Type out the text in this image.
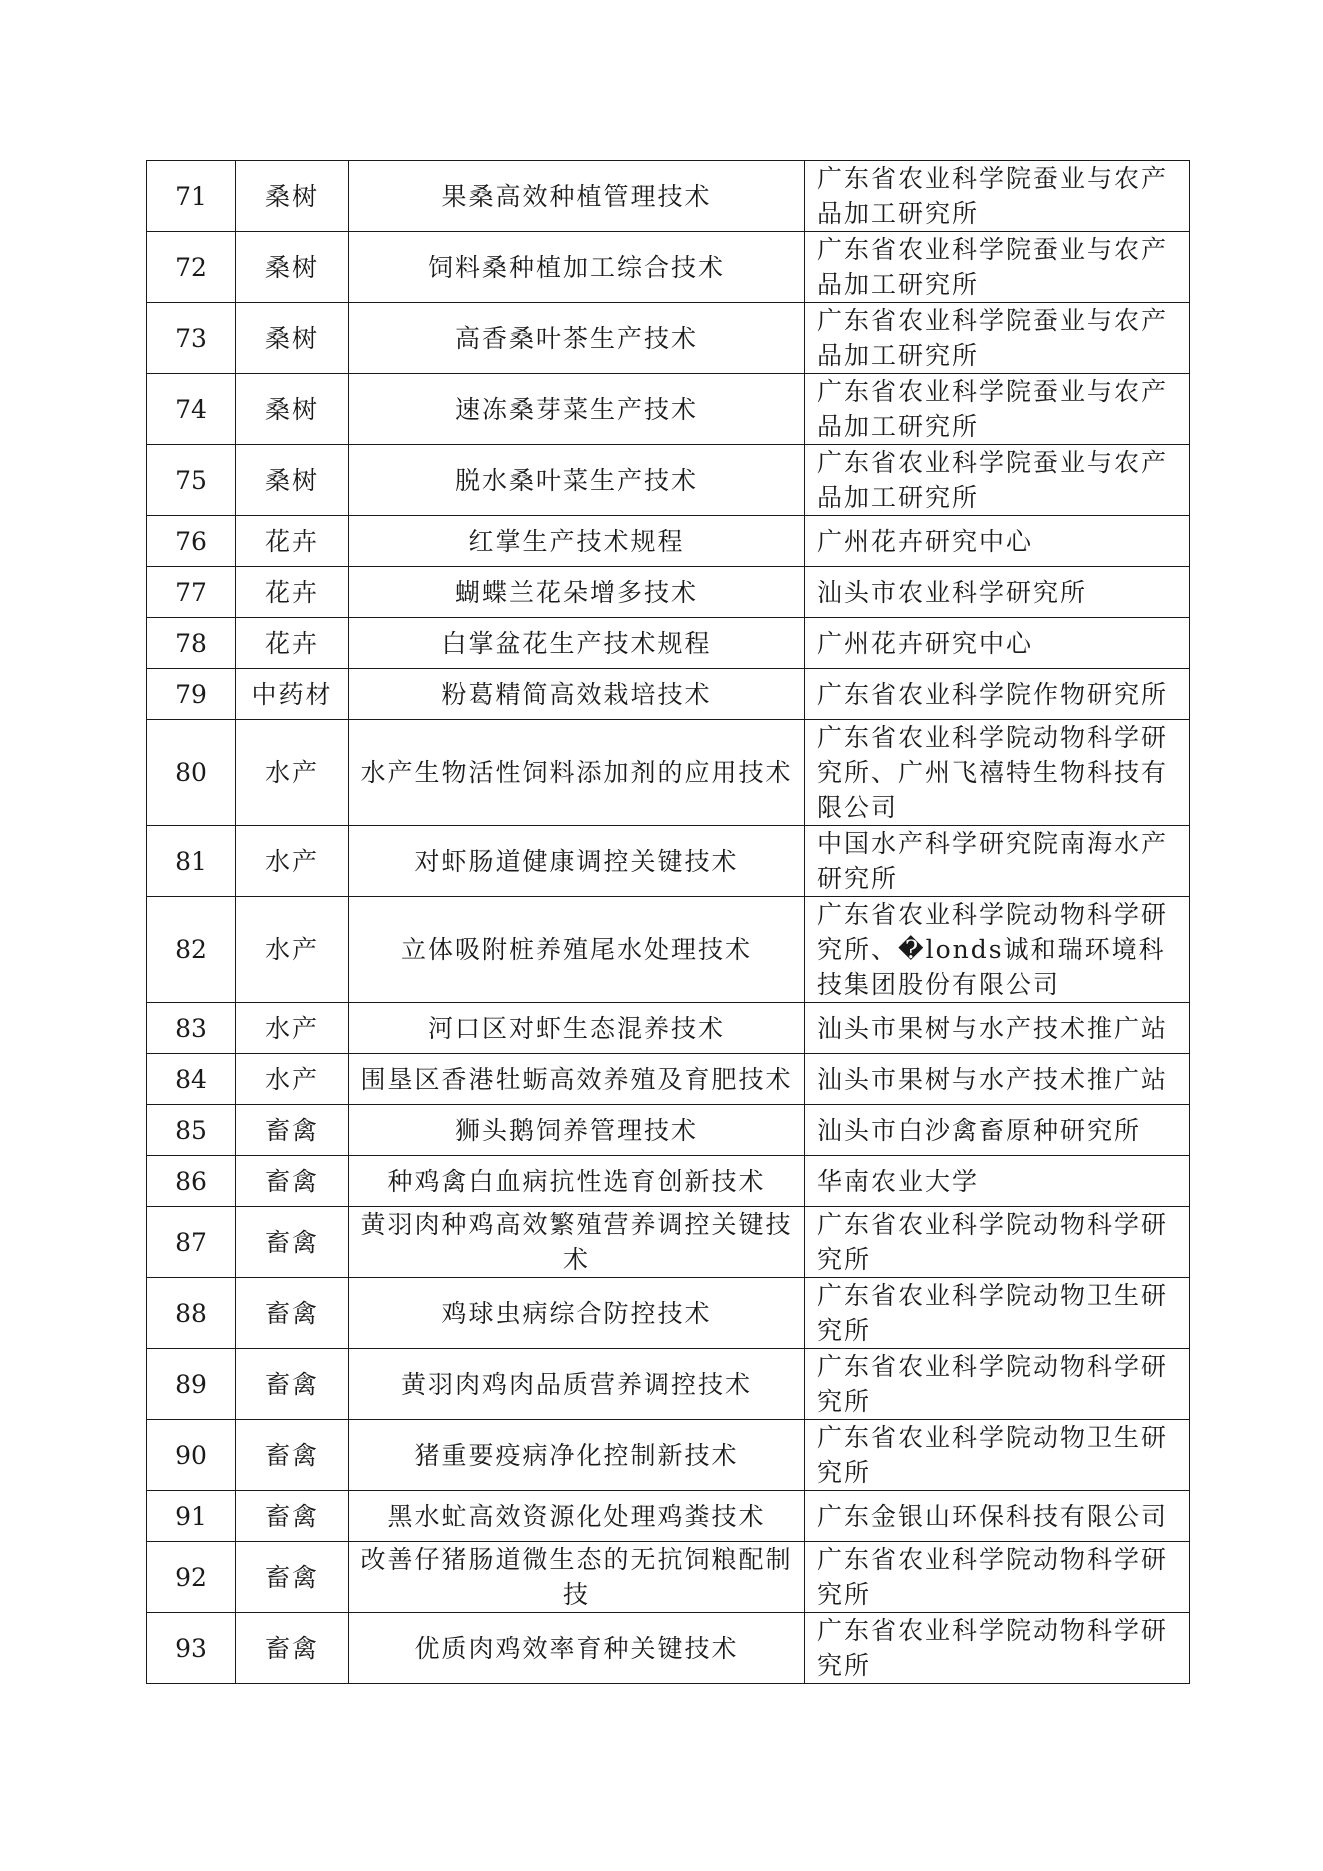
71	桑树	果桑高效种植管理技术	广东省农业科学院蚕业与农产品加工研究所
72	桑树	饲料桑种植加工综合技术	广东省农业科学院蚕业与农产品加工研究所
73	桑树	高香桑叶茶生产技术	广东省农业科学院蚕业与农产品加工研究所
74	桑树	速冻桑芽菜生产技术	广东省农业科学院蚕业与农产品加工研究所
75	桑树	脱水桑叶菜生产技术	广东省农业科学院蚕业与农产品加工研究所
76	花卉	红掌生产技术规程	广州花卉研究中心
77	花卉	蝴蝶兰花朵增多技术	汕头市农业科学研究所
78	花卉	白掌盆花生产技术规程	广州花卉研究中心
79	中药材	粉葛精简高效栽培技术	广东省农业科学院作物研究所
80	水产	水产生物活性饲料添加剂的应用技术	广东省农业科学院动物科学研究所、广州飞禧特生物科技有限公司
81	水产	对虾肠道健康调控关键技术	中国水产科学研究院南海水产研究所
82	水产	立体吸附桩养殖尾水处理技术	广东省农业科学院动物科学研究所、�londs诚和瑞环境科技集团股份有限公司
83	水产	河口区对虾生态混养技术	汕头市果树与水产技术推广站
84	水产	围垦区香港牡蛎高效养殖及育肥技术	汕头市果树与水产技术推广站
85	畜禽	狮头鹅饲养管理技术	汕头市白沙禽畜原种研究所
86	畜禽	种鸡禽白血病抗性选育创新技术	华南农业大学
87	畜禽	黄羽肉种鸡高效繁殖营养调控关键技术	广东省农业科学院动物科学研究所
88	畜禽	鸡球虫病综合防控技术	广东省农业科学院动物卫生研究所
89	畜禽	黄羽肉鸡肉品质营养调控技术	广东省农业科学院动物科学研究所
90	畜禽	猪重要疫病净化控制新技术	广东省农业科学院动物卫生研究所
91	畜禽	黑水虻高效资源化处理鸡粪技术	广东金银山环保科技有限公司
92	畜禽	改善仔猪肠道微生态的无抗饲粮配制技	广东省农业科学院动物科学研究所
93	畜禽	优质肉鸡效率育种关键技术	广东省农业科学院动物科学研究所
